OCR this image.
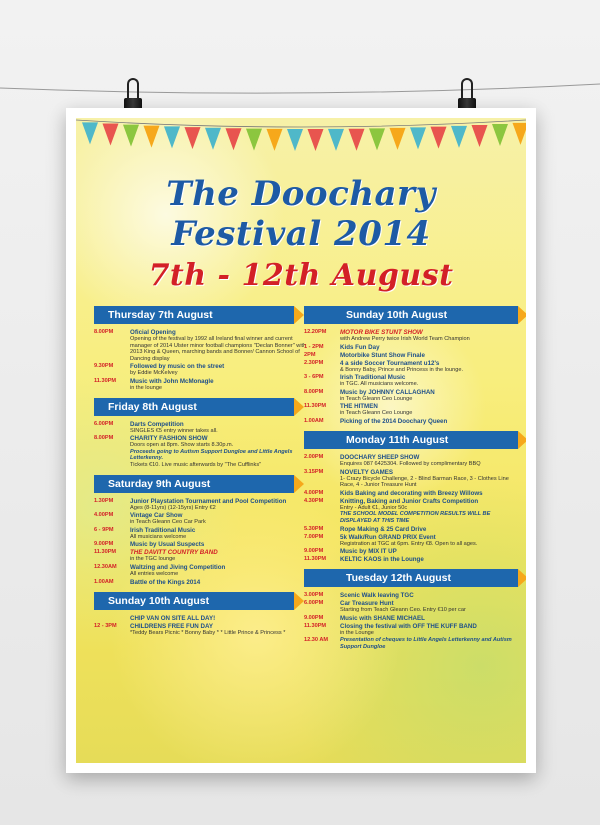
The Doochary
Festival 2014
7th - 12th August
Thursday 7th August
8.00PM	Oficial Opening
Opening of the festival by 1992 all Ireland final winner and current manager of 2014 Ulster minor football champions "Declan Bonner" with 2013 King & Queen, marching bands and Bonner/ Cannon School of Dancing display
9.30PM	Followed by music on the street
by Eddie McKelvey
11.30PM	Music with John McMonagle
in the lounge
Friday 8th August
6.00PM	Darts Competition
SINGLES €5 entry winner takes all.
8.00PM	CHARITY FASHION SHOW
Doors open at 8pm. Show starts 8.30p.m.
Proceeds going to Autism Support Dungloe and Little Angels Letterkenny.
Tickets €10. Live music afterwards by "The Cufflinks"
Saturday 9th August
1.30PM	Junior Playstation Tournament and Pool Competition
Ages (8-11yrs) (12-15yrs) Entry €2
4.00PM	Vintage Car Show
in Teach Gleann Ceo Car Park
6 - 9PM	Irish Traditional Music
All musicians welcome
9.00PM	Music by Usual Suspects
11.30PM	THE DAVITT COUNTRY BAND
in the TGC lounge
12.30AM	Waltzing and Jiving Competition
All entries welcome
1.00AM	Battle of the Kings 2014
Sunday 10th August
CHIP VAN ON SITE ALL DAY!
12 - 3PM	CHILDRENS FREE FUN DAY
*Teddy Bears Picnic * Bonny Baby * * Little Prince & Princess *
Sunday 10th August
12.20PM	MOTOR BIKE STUNT SHOW
with Andrew Perry twice Irish World Team Champion
1 - 2PM	Kids Fun Day
2PM	Motorbike Stunt Show Finale
2.30PM	4 a side Soccer Tournament u12's
& Bonny Baby, Prince and Princess in the lounge.
3 - 6PM	Irish Traditional Music
in TGC. All musicians welcome.
8.00PM	Music by JOHNNY CALLAGHAN
in Teach Gleann Ceo Lounge
11.30PM	THE HITMEN
in Teach Gleann Ceo Lounge
1.00AM	Picking of the 2014 Doochary Queen
Monday 11th August
2.00PM	DOOCHARY SHEEP SHOW
Enquires 087 6425304. Followed by complimentary BBQ
3.15PM	NOVELTY GAMES
1- Crazy Bicycle Challenge, 2 - Blind Barman Race, 3 - Clothes Line Race, 4 - Junior Treasure Hunt
4.00PM	Kids Baking and decorating with Breezy Willows
4.30PM	Knitting, Baking and Junior Crafts Competition
Entry - Adult €1, Junior 50c
THE SCHOOL MODEL COMPETITION RESULTS WILL BE DISPLAYED AT THIS TIME
5.30PM	Rope Making & 25 Card Drive
7.00PM	5k Walk/Run GRAND PRIX Event
Registration at TGC at 6pm. Entry €8. Open to all ages.
9.00PM	Music by MIX IT UP
11.30PM	KELTIC KAOS in the Lounge
Tuesday 12th August
3.00PM	Scenic Walk leaving TGC
6.00PM	Car Treasure Hunt
Starting from Teach Gleann Ceo. Entry €10 per car
9.00PM	Music with SHANE MICHAEL
11.30PM	Closing the festival with OFF THE KUFF BAND
in the Lounge
12.30 AM	Presentation of cheques to Little Angels Letterkenny and Autism Support Dungloe
